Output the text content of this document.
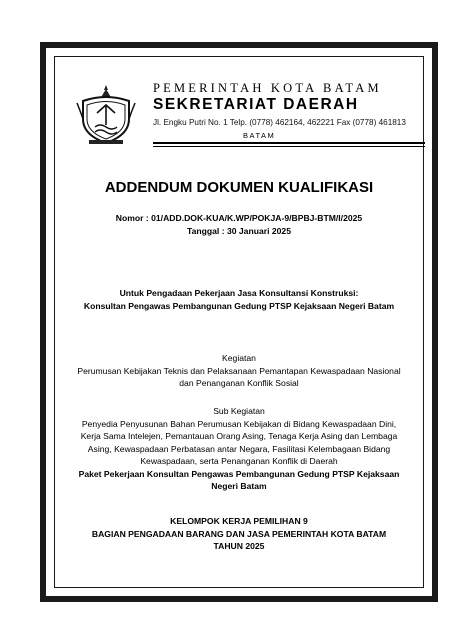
PEMERINTAH KOTA BATAM
SEKRETARIAT DAERAH
Jl. Engku Putri No. 1 Telp. (0778) 462164, 462221 Fax (0778) 461813
BATAM
ADDENDUM DOKUMEN KUALIFIKASI
Nomor : 01/ADD.DOK-KUA/K.WP/POKJA-9/BPBJ-BTM/I/2025
Tanggal : 30 Januari 2025
Untuk Pengadaan Pekerjaan Jasa Konsultansi Konstruksi:
Konsultan Pengawas Pembangunan Gedung PTSP Kejaksaan Negeri Batam
Kegiatan
Perumusan Kebijakan Teknis dan Pelaksanaan Pemantapan Kewaspadaan Nasional
dan Penanganan Konflik Sosial
Sub Kegiatan
Penyedia Penyusunan Bahan Perumusan Kebijakan di Bidang Kewaspadaan Dini,
Kerja Sama Intelejen, Pemantauan Orang Asing, Tenaga Kerja Asing dan Lembaga
Asing, Kewaspadaan Perbatasan antar Negara, Fasilitasi Kelembagaan Bidang
Kewaspadaan, serta Penanganan Konflik di Daerah
Paket Pekerjaan Konsultan Pengawas Pembangunan Gedung PTSP Kejaksaan
Negeri Batam
KELOMPOK KERJA PEMILIHAN 9
BAGIAN PENGADAAN BARANG DAN JASA PEMERINTAH KOTA BATAM
TAHUN 2025
